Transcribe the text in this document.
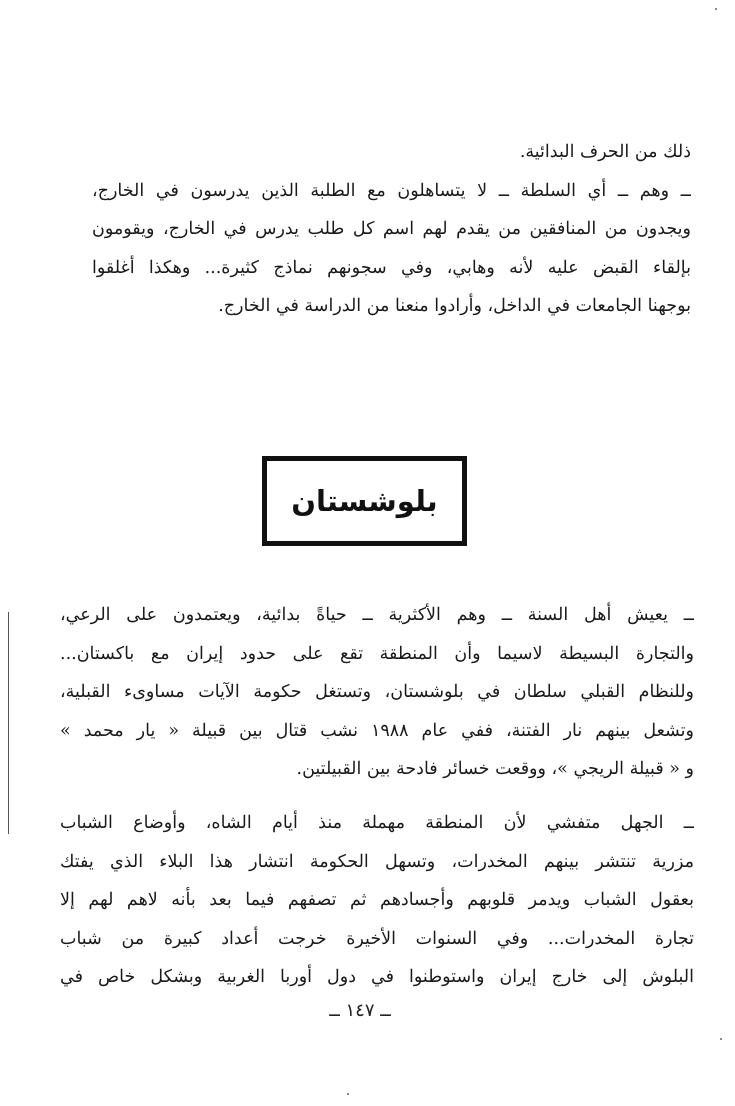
ذلك من الحرف البدائية.
ــ وهم ــ أي السلطة ــ لا يتساهلون مع الطلبة الذين يدرسون في الخارج،
ويجدون من المنافقين من يقدم لهم اسم كل طلب يدرس في الخارج، ويقومون
بإلقاء القبض عليه لأنه وهابي، وفي سجونهم نماذج كثيرة... وهكذا أغلقوا
بوجهنا الجامعات في الداخل، وأرادوا منعنا من الدراسة في الخارج.
بلوشستان
ــ يعيش أهل السنة ــ وهم الأكثرية ــ حياةً بدائية، ويعتمدون على الرعي،
والتجارة البسيطة لاسيما وأن المنطقة تقع على حدود إيران مع باكستان...
وللنظام القبلي سلطان في بلوشستان، وتستغل حكومة الآيات مساوىء القبلية،
وتشعل بينهم نار الفتنة، ففي عام ١٩٨٨ نشب قتال بين قبيلة « يار محمد »
و « قبيلة الريجي »، ووقعت خسائر فادحة بين القبيلتين.
ــ الجهل متفشي لأن المنطقة مهملة منذ أيام الشاه، وأوضاع الشباب
مزرية تنتشر بينهم المخدرات، وتسهل الحكومة انتشار هذا البلاء الذي يفتك
بعقول الشباب ويدمر قلوبهم وأجسادهم ثم تصفهم فيما بعد بأنه لاهم لهم إلا
تجارة المخدرات... وفي السنوات الأخيرة خرجت أعداد كبيرة من شباب
البلوش إلى خارج إيران واستوطنوا في دول أوربا الغربية وبشكل خاص في
ــ ١٤٧ ــ
